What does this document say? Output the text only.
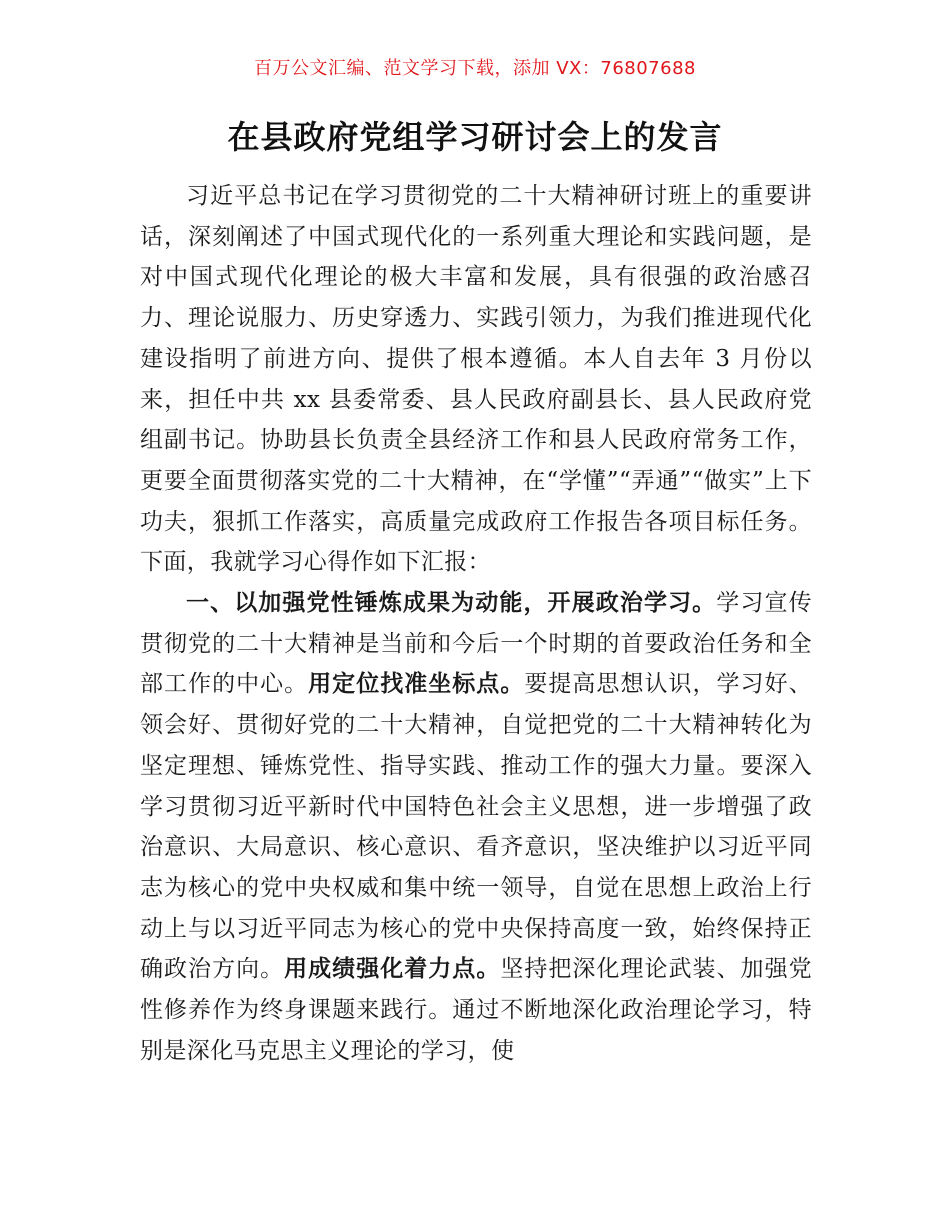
百万公文汇编、范文学习下载，添加 VX：76807688
在县政府党组学习研讨会上的发言

习近平总书记在学习贯彻党的二十大精神研讨班上的重要讲话，深刻阐述了中国式现代化的一系列重大理论和实践问题，是对中国式现代化理论的极大丰富和发展，具有很强的政治感召力、理论说服力、历史穿透力、实践引领力，为我们推进现代化建设指明了前进方向、提供了根本遵循。本人自去年 3 月份以来，担任中共 xx 县委常委、县人民政府副县长、县人民政府党组副书记。协助县长负责全县经济工作和县人民政府常务工作，更要全面贯彻落实党的二十大精神，在“学懂”“弄通”“做实”上下功夫，狠抓工作落实，高质量完成政府工作报告各项目标任务。下面，我就学习心得作如下汇报：

一、以加强党性锤炼成果为动能，开展政治学习。学习宣传贯彻党的二十大精神是当前和今后一个时期的首要政治任务和全部工作的中心。用定位找准坐标点。要提高思想认识，学习好、领会好、贯彻好党的二十大精神，自觉把党的二十大精神转化为坚定理想、锤炼党性、指导实践、推动工作的强大力量。要深入学习贯彻习近平新时代中国特色社会主义思想，进一步增强了政治意识、大局意识、核心意识、看齐意识，坚决维护以习近平同志为核心的党中央权威和集中统一领导，自觉在思想上政治上行动上与以习近平同志为核心的党中央保持高度一致，始终保持正确政治方向。用成绩强化着力点。坚持把深化理论武装、加强党性修养作为终身课题来践行。通过不断地深化政治理论学习，特别是深化马克思主义理论的学习，使
